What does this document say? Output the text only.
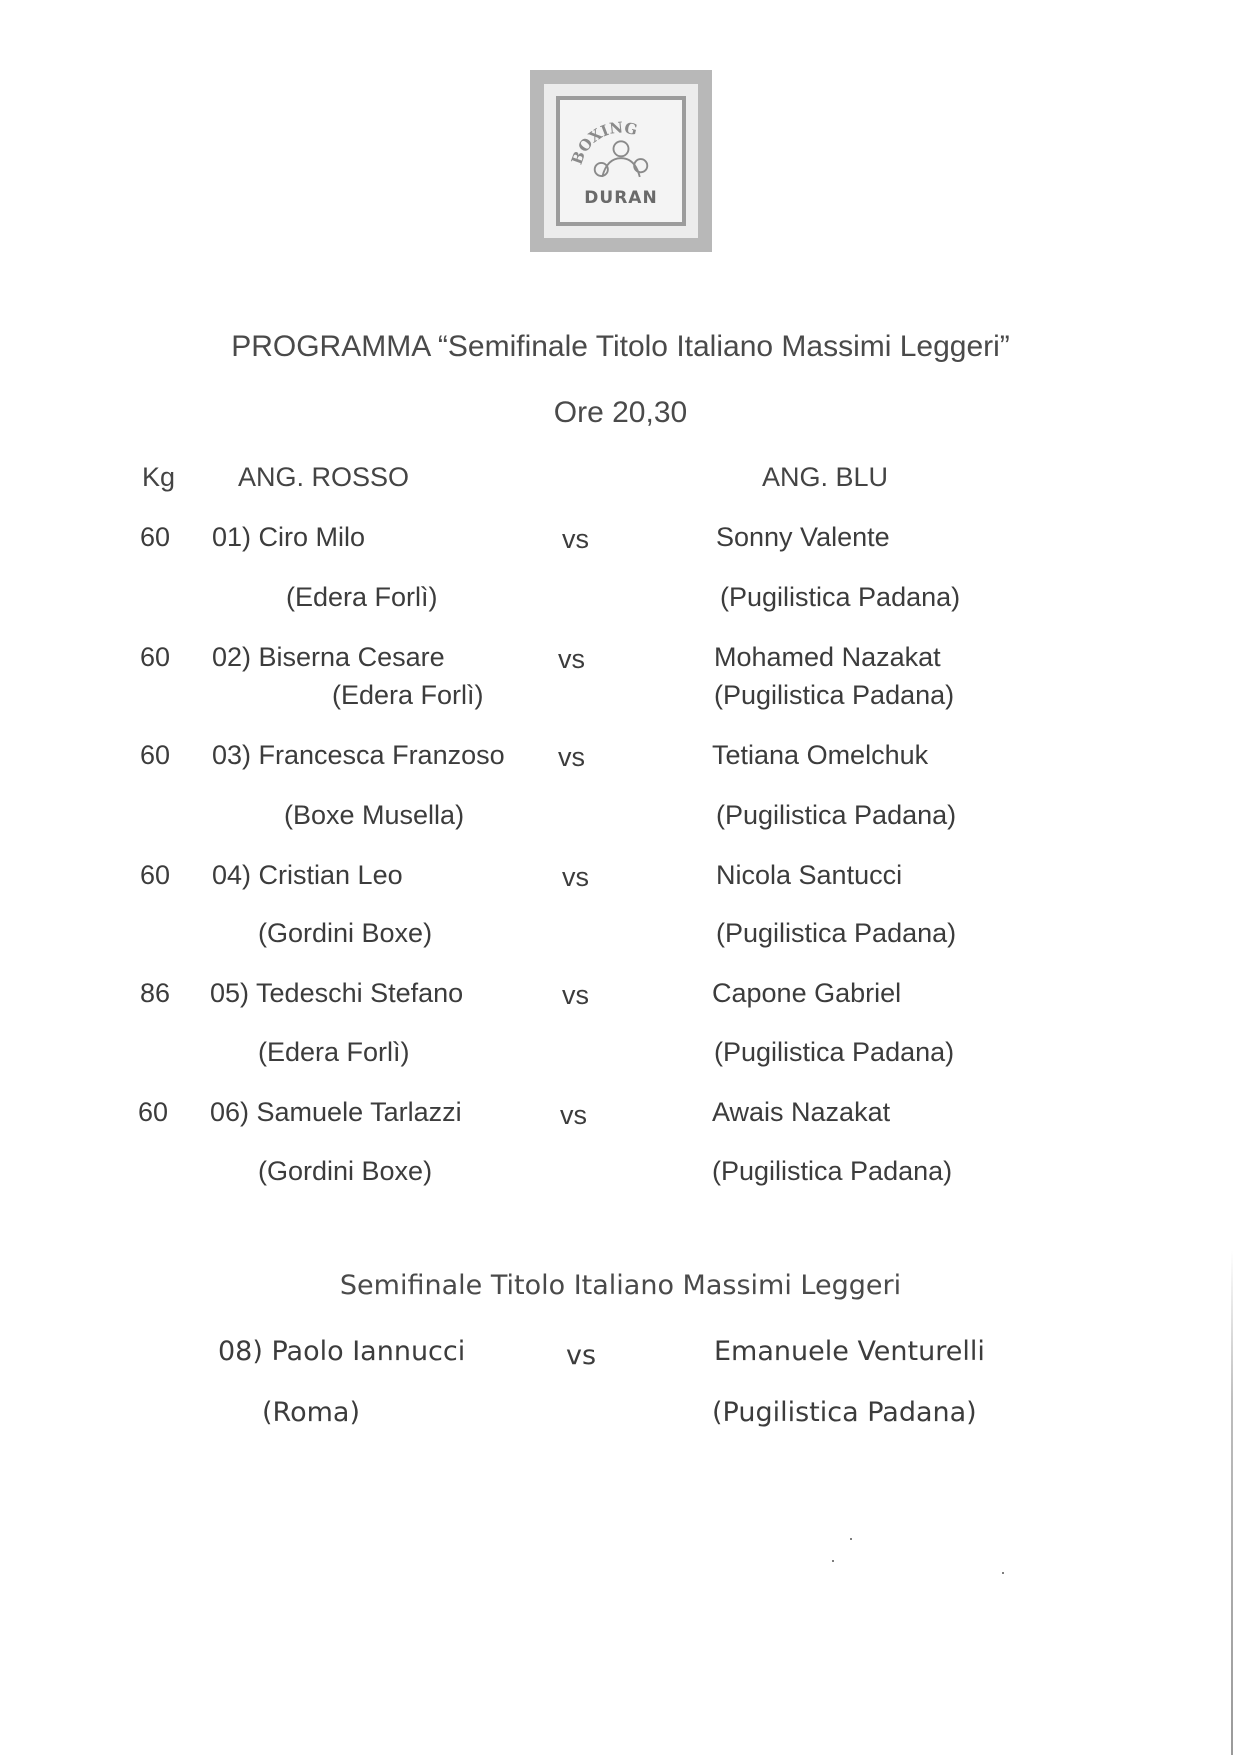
BOXING
DURAN
PROGRAMMA “Semifinale Titolo Italiano Massimi Leggeri”
Ore 20,30
Kg ANG. ROSSO	ANG. BLU
60 01) Ciro Milo	vs	Sonny Valente
(Edera Forlì)	(Pugilistica Padana)
60 02) Biserna Cesare	vs	Mohamed Nazakat
(Edera Forlì)	(Pugilistica Padana)
60 03) Francesca Franzoso vs	Tetiana Omelchuk
(Boxe Musella)	(Pugilistica Padana)
60 04) Cristian Leo	vs	Nicola Santucci
(Gordini Boxe)	(Pugilistica Padana)
86 05) Tedeschi Stefano	vs	Capone Gabriel
(Edera Forlì)	(Pugilistica Padana)
60 06) Samuele Tarlazzi	vs	Awais Nazakat
(Gordini Boxe)	(Pugilistica Padana)
Semifinale Titolo Italiano Massimi Leggeri
08) Paolo Iannucci	vs	Emanuele Venturelli
(Roma)	(Pugilistica Padana)
